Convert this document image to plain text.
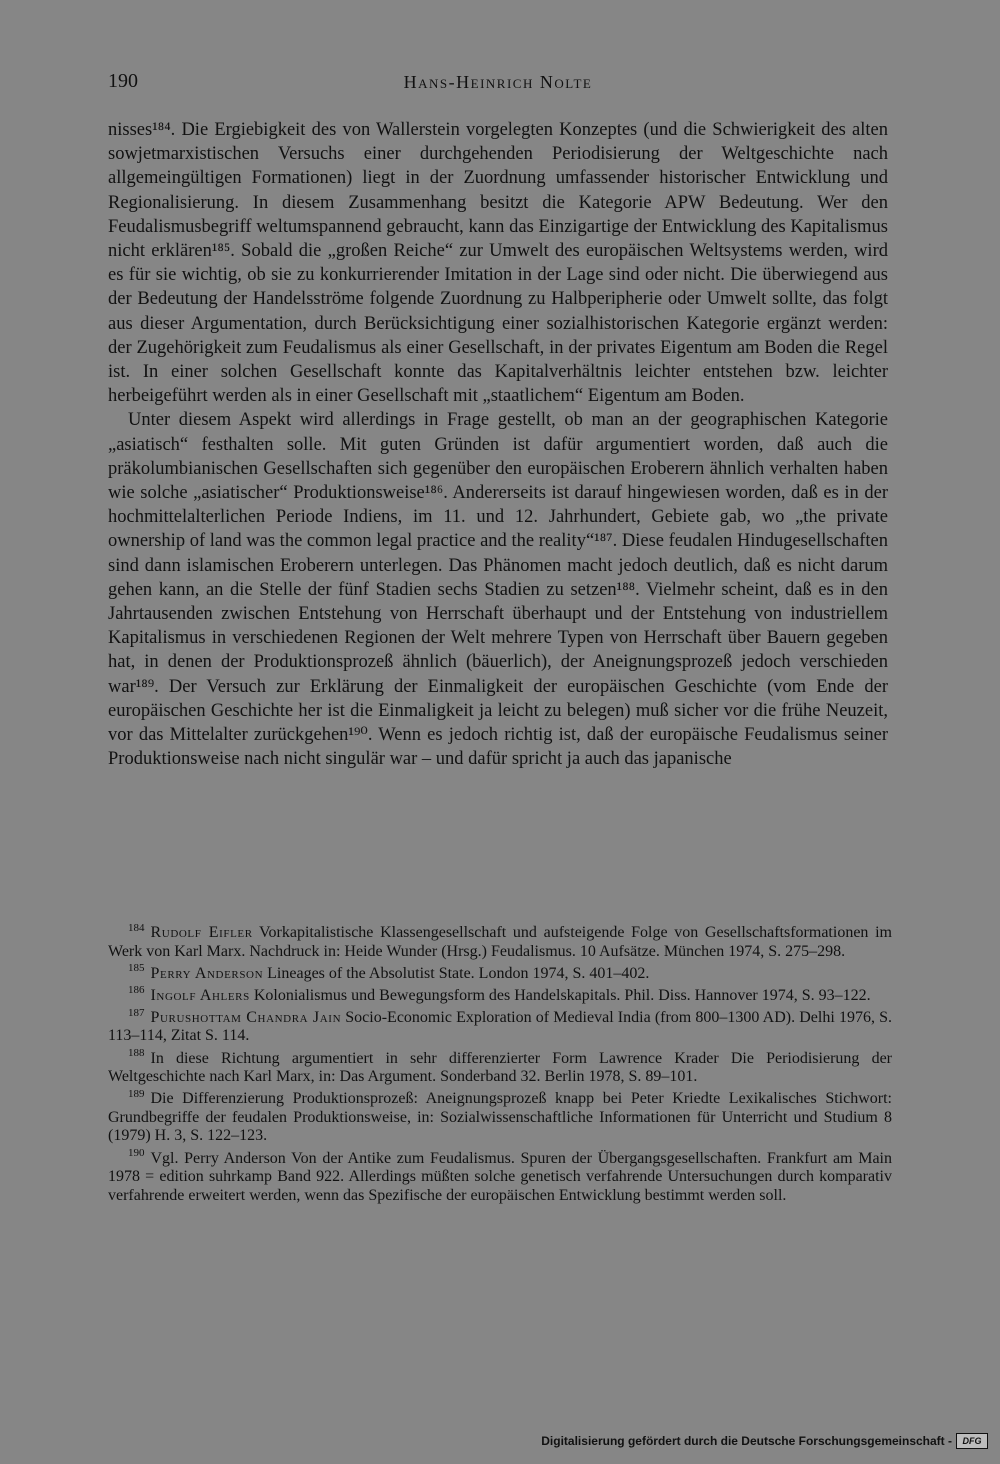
190	Hans-Heinrich Nolte

nisses¹⁸⁴. Die Ergiebigkeit des von Wallerstein vorgelegten Konzeptes (und die Schwierigkeit des alten sowjetmarxistischen Versuchs einer durchgehenden Periodisierung der Weltgeschichte nach allgemeingültigen Formationen) liegt in der Zuordnung umfassender historischer Entwicklung und Regionalisierung. In diesem Zusammenhang besitzt die Kategorie APW Bedeutung. Wer den Feudalismusbegriff weltumspannend gebraucht, kann das Einzigartige der Entwicklung des Kapitalismus nicht erklären¹⁸⁵. Sobald die „großen Reiche“ zur Umwelt des europäischen Weltsystems werden, wird es für sie wichtig, ob sie zu konkurrierender Imitation in der Lage sind oder nicht. Die überwiegend aus der Bedeutung der Handelsströme folgende Zuordnung zu Halbperipherie oder Umwelt sollte, das folgt aus dieser Argumentation, durch Berücksichtigung einer sozialhistorischen Kategorie ergänzt werden: der Zugehörigkeit zum Feudalismus als einer Gesellschaft, in der privates Eigentum am Boden die Regel ist. In einer solchen Gesellschaft konnte das Kapitalverhältnis leichter entstehen bzw. leichter herbeigeführt werden als in einer Gesellschaft mit „staatlichem“ Eigentum am Boden.

Unter diesem Aspekt wird allerdings in Frage gestellt, ob man an der geographischen Kategorie „asiatisch“ festhalten solle. Mit guten Gründen ist dafür argumentiert worden, daß auch die präkolumbianischen Gesellschaften sich gegenüber den europäischen Eroberern ähnlich verhalten haben wie solche „asiatischer“ Produktionsweise¹⁸⁶. Andererseits ist darauf hingewiesen worden, daß es in der hochmittelalterlichen Periode Indiens, im 11. und 12. Jahrhundert, Gebiete gab, wo „the private ownership of land was the common legal practice and the reality“¹⁸⁷. Diese feudalen Hindugesellschaften sind dann islamischen Eroberern unterlegen. Das Phänomen macht jedoch deutlich, daß es nicht darum gehen kann, an die Stelle der fünf Stadien sechs Stadien zu setzen¹⁸⁸. Vielmehr scheint, daß es in den Jahrtausenden zwischen Entstehung von Herrschaft überhaupt und der Entstehung von industriellem Kapitalismus in verschiedenen Regionen der Welt mehrere Typen von Herrschaft über Bauern gegeben hat, in denen der Produktionsprozeß ähnlich (bäuerlich), der Aneignungsprozeß jedoch verschieden war¹⁸⁹. Der Versuch zur Erklärung der Einmaligkeit der europäischen Geschichte (vom Ende der europäischen Geschichte her ist die Einmaligkeit ja leicht zu belegen) muß sicher vor die frühe Neuzeit, vor das Mittelalter zurückgehen¹⁹⁰. Wenn es jedoch richtig ist, daß der europäische Feudalismus seiner Produktionsweise nach nicht singulär war – und dafür spricht ja auch das japanische

$^{184}$ Rudolf Eifler Vorkapitalistische Klassengesellschaft und aufsteigende Folge von Gesellschaftsformationen im Werk von Karl Marx. Nachdruck in: Heide Wunder (Hrsg.) Feudalismus. 10 Aufsätze. München 1974, S. 275–298.

$^{185}$ Perry Anderson Lineages of the Absolutist State. London 1974, S. 401–402.

$^{186}$ Ingolf Ahlers Kolonialismus und Bewegungsform des Handelskapitals. Phil. Diss. Hannover 1974, S. 93–122.

$^{187}$ Purushottam Chandra Jain Socio-Economic Exploration of Medieval India (from 800–1300 AD). Delhi 1976, S. 113–114, Zitat S. 114.

$^{188}$ In diese Richtung argumentiert in sehr differenzierter Form Lawrence Krader Die Periodisierung der Weltgeschichte nach Karl Marx, in: Das Argument. Sonderband 32. Berlin 1978, S. 89–101.

$^{189}$ Die Differenzierung Produktionsprozeß: Aneignungsprozeß knapp bei Peter Kriedte Lexikalisches Stichwort: Grundbegriffe der feudalen Produktionsweise, in: Sozialwissenschaftliche Informationen für Unterricht und Studium 8 (1979) H. 3, S. 122–123.

$^{190}$ Vgl. Perry Anderson Von der Antike zum Feudalismus. Spuren der Übergangsgesellschaften. Frankfurt am Main 1978 = edition suhrkamp Band 922. Allerdings müßten solche genetisch verfahrende Untersuchungen durch komparativ verfahrende erweitert werden, wenn das Spezifische der europäischen Entwicklung bestimmt werden soll.

Digitalisierung gefördert durch die Deutsche Forschungsgemeinschaft -	DFG
